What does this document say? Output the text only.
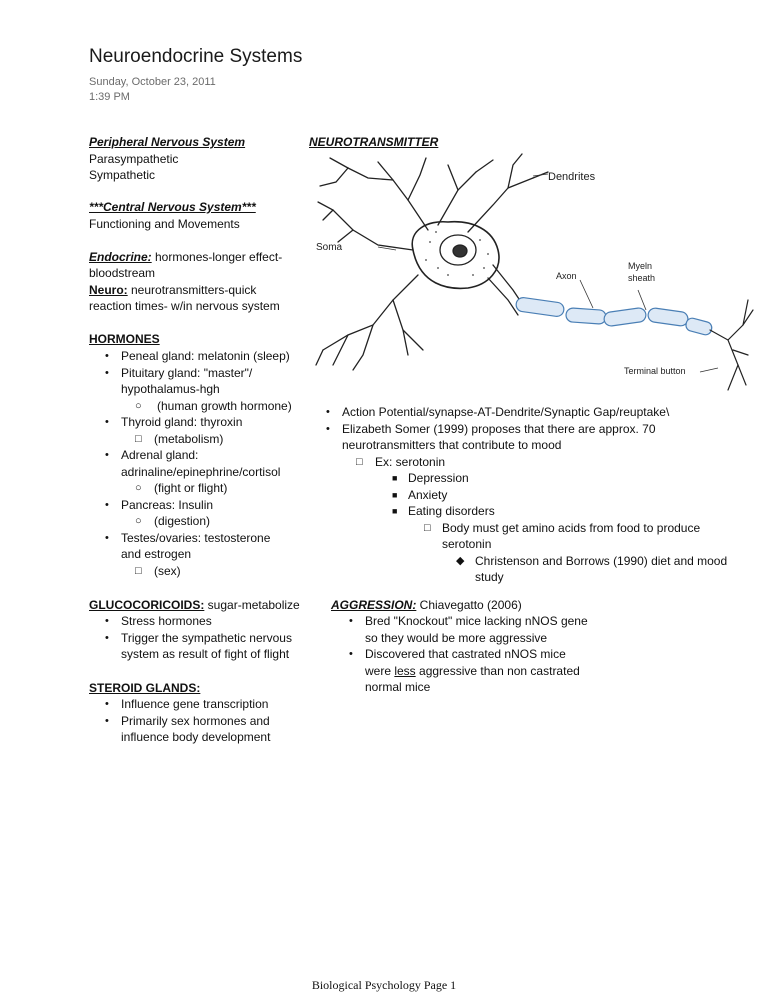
Neuroendocrine Systems
Sunday, October 23, 2011
1:39 PM
Peripheral Nervous System
Parasympathetic
Sympathetic
***Central Nervous System***
Functioning and Movements
Endocrine: hormones-longer effect-
bloodstream
Neuro: neurotransmitters-quick
reaction times- w/in nervous system
HORMONES
• Peneal gland: melatonin (sleep)
• Pituitary gland: "master"/
hypothalamus-hgh
○ (human growth hormone)
• Thyroid gland: thyroxin
□ (metabolism)
• Adrenal gland:
adrinaline/epinephrine/cortisol
○ (fight or flight)
• Pancreas: Insulin
○ (digestion)
• Testes/ovaries: testosterone
and estrogen
□ (sex)
GLUCOCORICOIDS: sugar-metabolize
• Stress hormones
• Trigger the sympathetic nervous
system as result of fight of flight
STEROID GLANDS:
• Influence gene transcription
• Primarily sex hormones and
influence body development
NEUROTRANSMITTER
Dendrites
Soma
Axon
Myeln
sheath
Terminal button
• Action Potential/synapse-AT-Dendrite/Synaptic Gap/reuptake\
• Elizabeth Somer (1999) proposes that there are approx. 70
neurotransmitters that contribute to mood
□ Ex: serotonin
■ Depression
■ Anxiety
■ Eating disorders
□ Body must get amino acids from food to produce
serotonin
◆ Christenson and Borrows (1990) diet and mood
study
AGGRESSION: Chiavegatto (2006)
• Bred "Knockout" mice lacking nNOS gene
so they would be more aggressive
• Discovered that castrated nNOS mice
were less aggressive than non castrated
normal mice
Biological Psychology Page 1
